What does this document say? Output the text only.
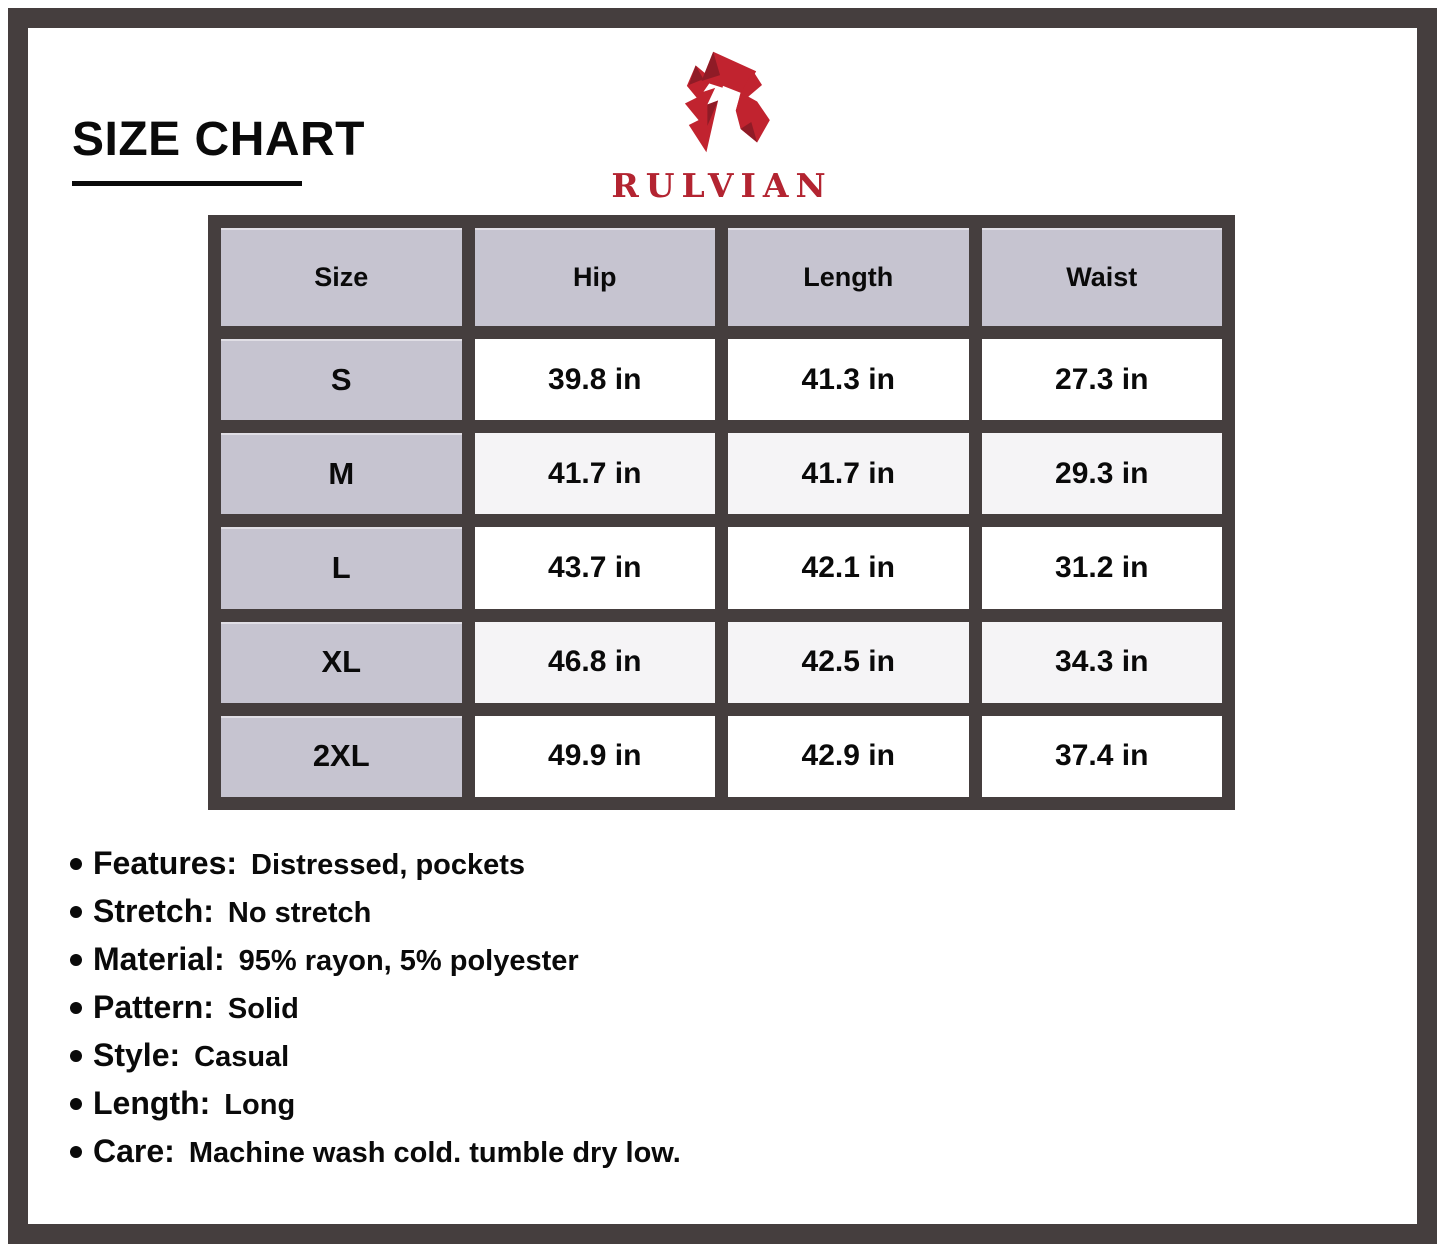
SIZE CHART
RULVIAN
Size	Hip	Length	Waist
S	39.8 in	41.3 in	27.3 in
M	41.7 in	41.7 in	29.3 in
L	43.7 in	42.1 in	31.2 in
XL	46.8 in	42.5 in	34.3 in
2XL	49.9 in	42.9 in	37.4 in
Features: Distressed, pockets
Stretch: No stretch
Material: 95% rayon, 5% polyester
Pattern: Solid
Style: Casual
Length: Long
Care: Machine wash cold. tumble dry low.
